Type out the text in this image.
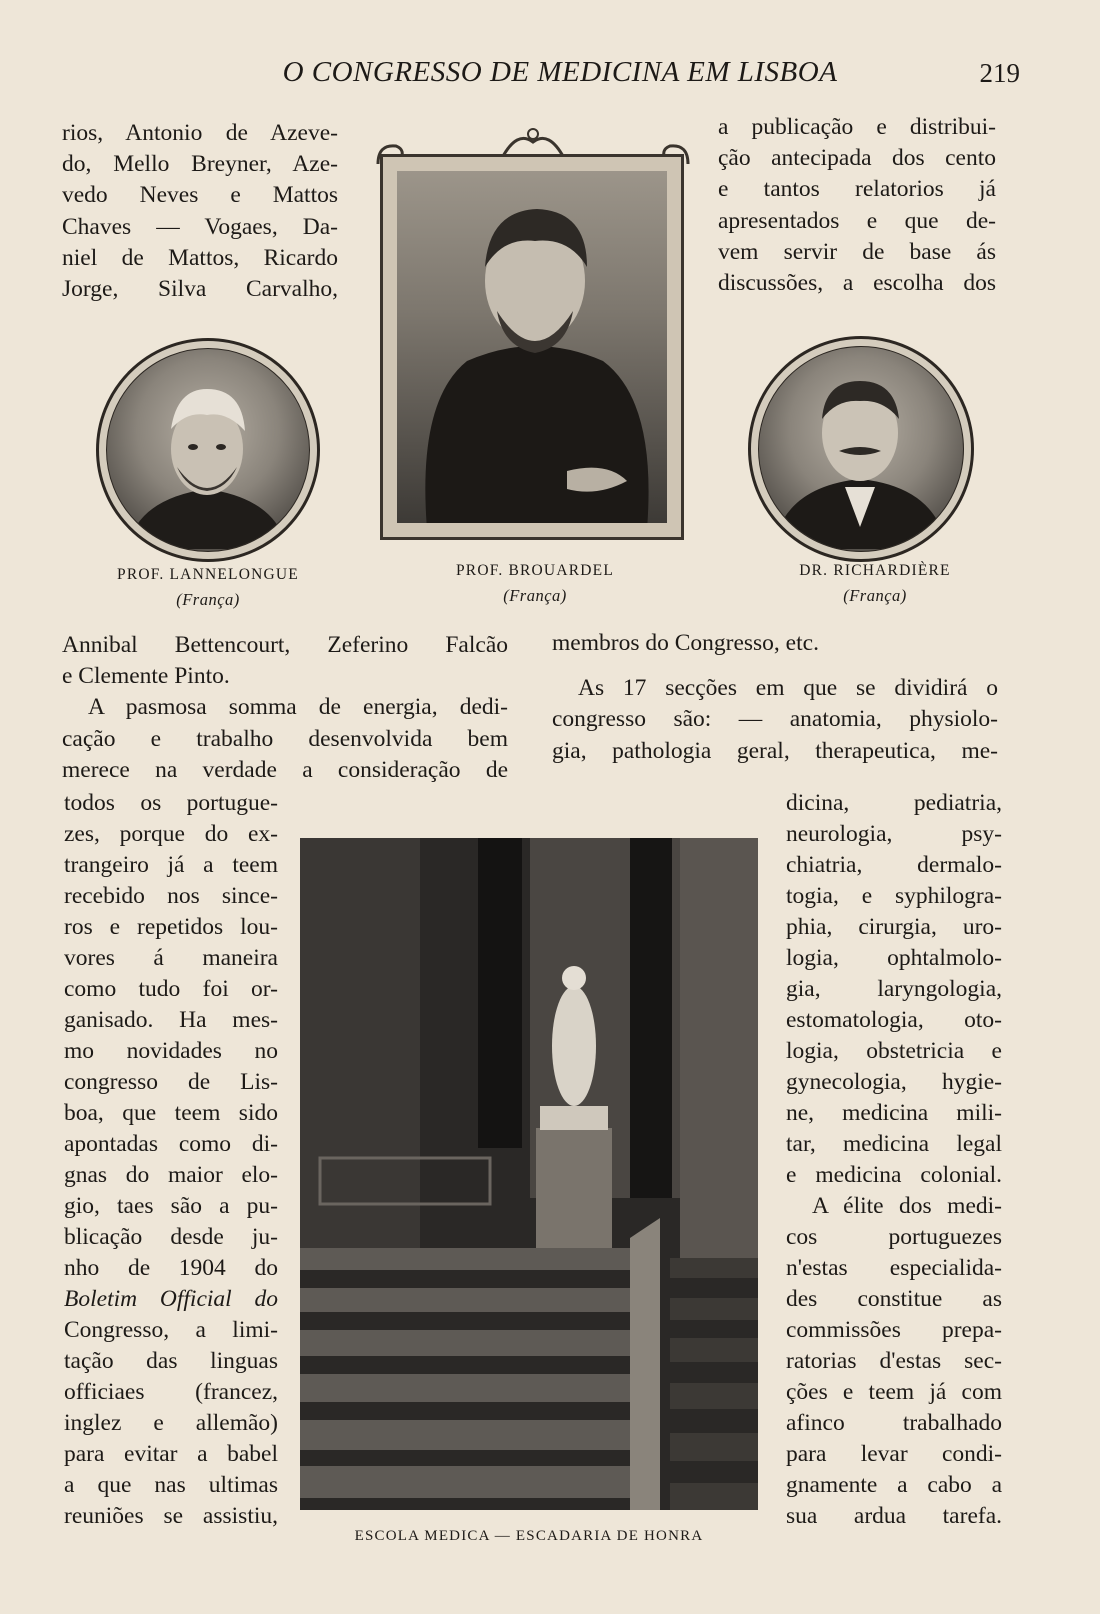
O CONGRESSO DE MEDICINA EM LISBOA	219
rios, Antonio de Azeve-
do, Mello Breyner, Aze-
vedo Neves e Mattos
Chaves — Vogaes, Da-
niel de Mattos, Ricardo
Jorge, Silva Carvalho,
a publicação e distribui-
ção antecipada dos cento
e tantos relatorios já
apresentados e que de-
vem servir de base ás
discussões, a escolha dos
PROF. LANNELONGUE
(França)
PROF. BROUARDEL
(França)
DR. RICHARDIÈRE
(França)
Annibal Bettencourt, Zeferino Falcão
e Clemente Pinto.
A pasmosa somma de energia, dedi-
cação e trabalho desenvolvida bem
merece na verdade a consideração de
membros do Congresso, etc.
As 17 secções em que se dividirá o
congresso são: — anatomia, physiolo-
gia, pathologia geral, therapeutica, me-
todos os portugue-
zes, porque do ex-
trangeiro já a teem
recebido nos since-
ros e repetidos lou-
vores á maneira
como tudo foi or-
ganisado. Ha mes-
mo novidades no
congresso de Lis-
boa, que teem sido
apontadas como di-
gnas do maior elo-
gio, taes são a pu-
blicação desde ju-
nho de 1904 do
Boletim Official do
Congresso, a limi-
tação das linguas
officiaes (francez,
inglez e allemão)
para evitar a babel
a que nas ultimas
reuniões se assistiu,
ESCOLA MEDICA — ESCADARIA DE HONRA
dicina, pediatria,
neurologia, psy-
chiatria, dermalo-
togia, e syphilogra-
phia, cirurgia, uro-
logia, ophtalmolo-
gia, laryngologia,
estomatologia, oto-
logia, obstetricia e
gynecologia, hygie-
ne, medicina mili-
tar, medicina legal
e medicina colonial.
A élite dos medi-
cos portuguezes
n'estas especialida-
des constitue as
commissões prepa-
ratorias d'estas sec-
ções e teem já com
afinco trabalhado
para levar condi-
gnamente a cabo a
sua ardua tarefa.
